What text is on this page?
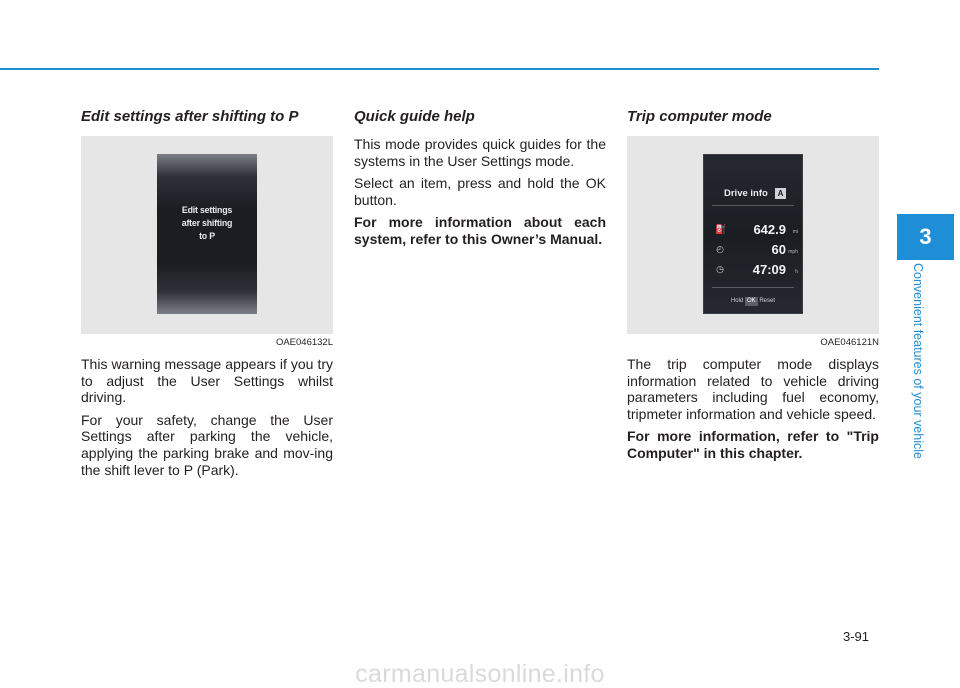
Edit settings after shifting to P
Edit settings
after shifting
to P
OAE046132L

This warning message appears if you try to adjust the User Settings whilst driving.

For your safety, change the User Settings after parking the vehicle, applying the parking brake and mov-ing the shift lever to P (Park).

Quick guide help

This mode provides quick guides for the systems in the User Settings mode.

Select an item, press and hold the OK button.

For more information about each system, refer to this Owner’s Manual.

Trip computer mode
Drive info	A
⛽ 642.9 mi
◴	60 mph
◷ 47:09 h
Hold OK Reset
OAE046121N

The trip computer mode displays information related to vehicle driving parameters including fuel economy, tripmeter information and vehicle speed.

For more information, refer to "Trip Computer" in this chapter.

3
Convenient features of your vehicle
3-91
carmanualsonline.info
